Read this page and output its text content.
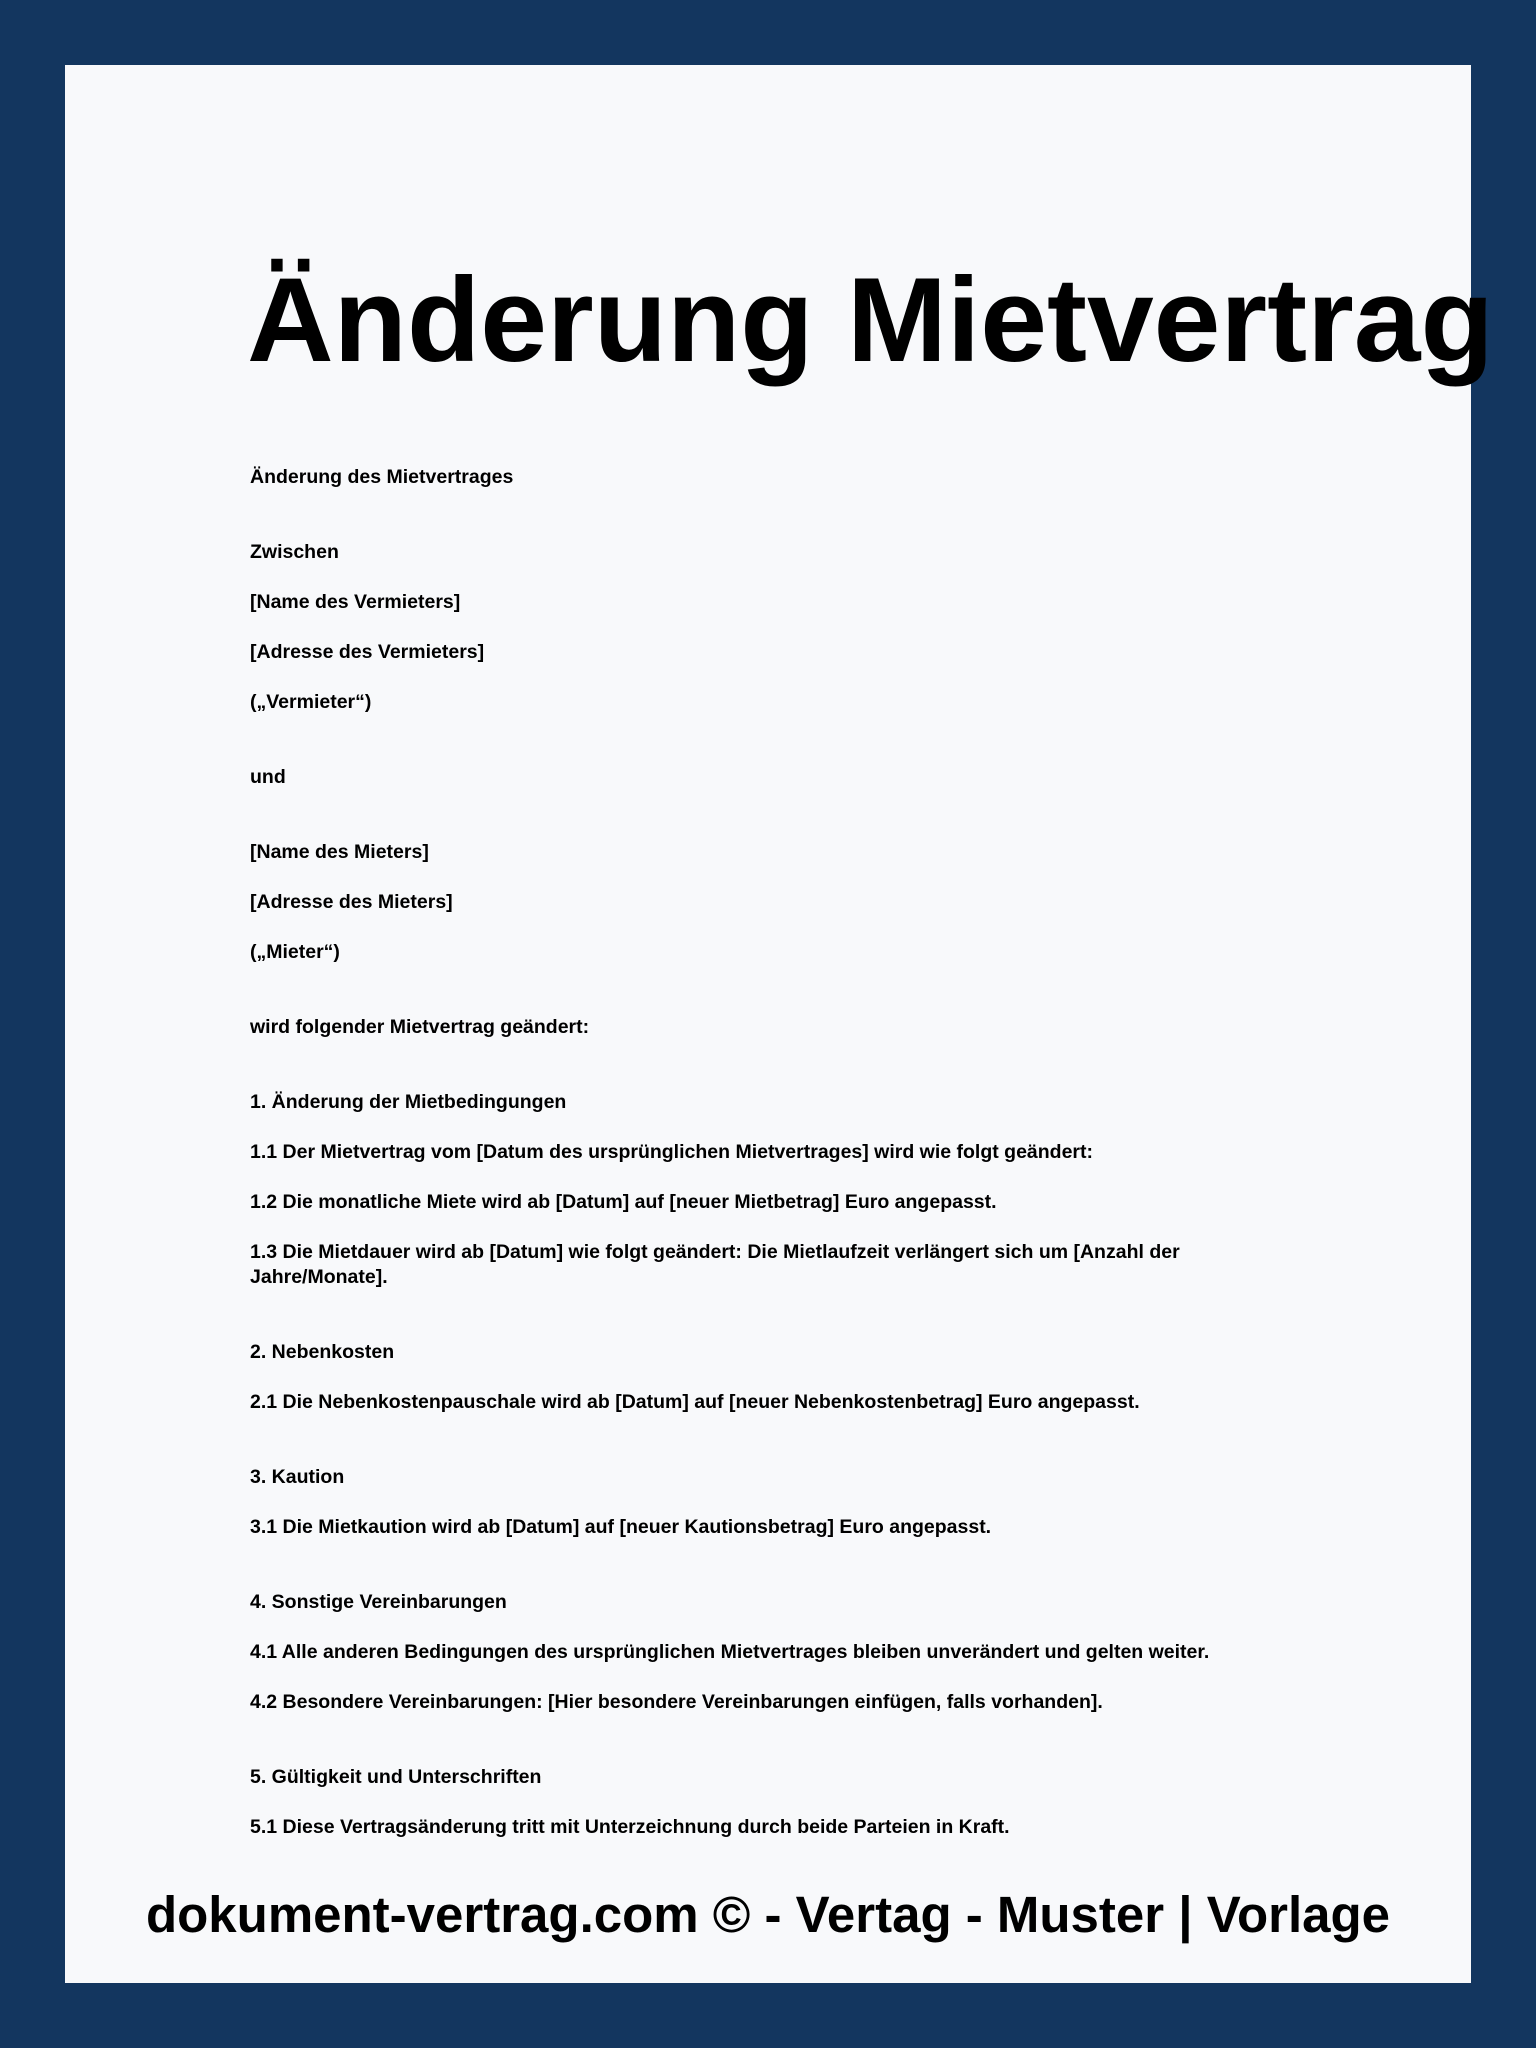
Änderung Mietvertrag

Änderung des Mietvertrages

Zwischen

[Name des Vermieters]

[Adresse des Vermieters]

(„Vermieter“)

und

[Name des Mieters]

[Adresse des Mieters]

(„Mieter“)

wird folgender Mietvertrag geändert:

1. Änderung der Mietbedingungen

1.1 Der Mietvertrag vom [Datum des ursprünglichen Mietvertrages] wird wie folgt geändert:

1.2 Die monatliche Miete wird ab [Datum] auf [neuer Mietbetrag] Euro angepasst.

1.3 Die Mietdauer wird ab [Datum] wie folgt geändert: Die Mietlaufzeit verlängert sich um [Anzahl der Jahre/Monate].

2. Nebenkosten

2.1 Die Nebenkostenpauschale wird ab [Datum] auf [neuer Nebenkostenbetrag] Euro angepasst.

3. Kaution

3.1 Die Mietkaution wird ab [Datum] auf [neuer Kautionsbetrag] Euro angepasst.

4. Sonstige Vereinbarungen

4.1 Alle anderen Bedingungen des ursprünglichen Mietvertrages bleiben unverändert und gelten weiter.

4.2 Besondere Vereinbarungen: [Hier besondere Vereinbarungen einfügen, falls vorhanden].

5. Gültigkeit und Unterschriften

5.1 Diese Vertragsänderung tritt mit Unterzeichnung durch beide Parteien in Kraft.

dokument-vertrag.com © - Vertag - Muster | Vorlage
